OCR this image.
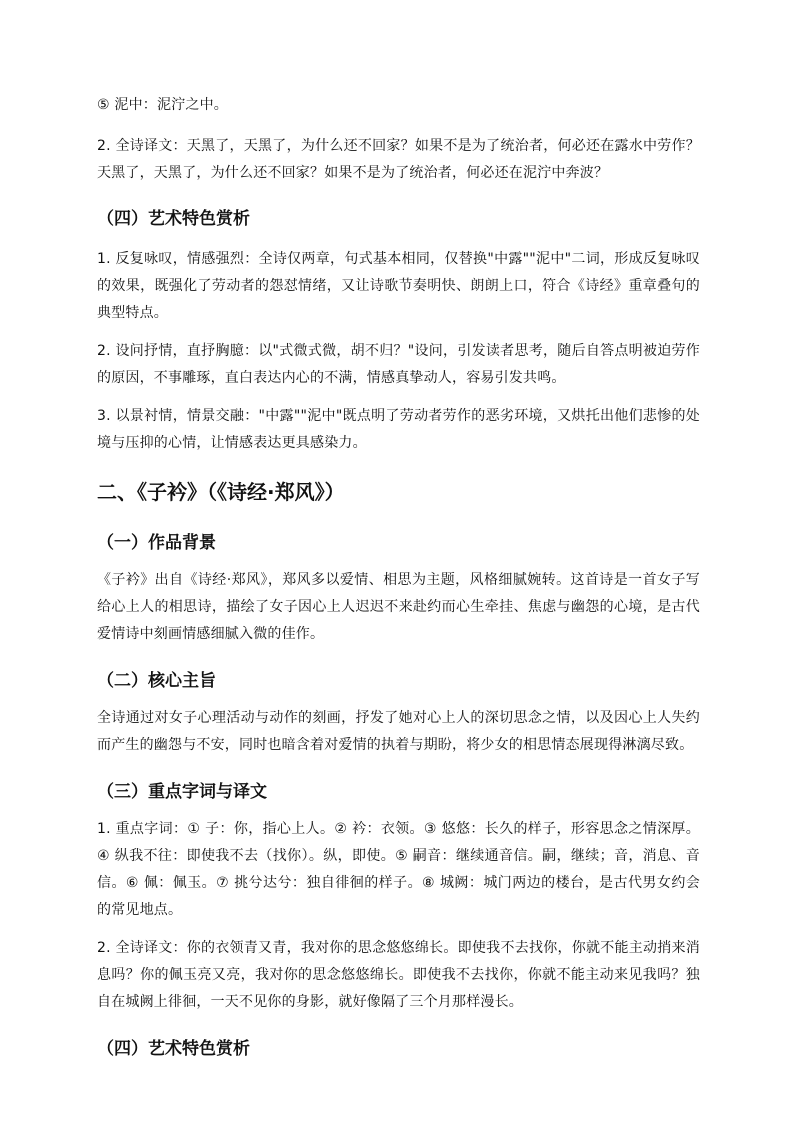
⑤ 泥中：泥泞之中。

2. 全诗译文：天黑了，天黑了，为什么还不回家？如果不是为了统治者，何必还在露水中劳作？天黑了，天黑了，为什么还不回家？如果不是为了统治者，何必还在泥泞中奔波？

（四）艺术特色赏析

1. 反复咏叹，情感强烈：全诗仅两章，句式基本相同，仅替换"中露""泥中"二词，形成反复咏叹的效果，既强化了劳动者的怨怼情绪，又让诗歌节奏明快、朗朗上口，符合《诗经》重章叠句的典型特点。

2. 设问抒情，直抒胸臆：以"式微式微，胡不归？"设问，引发读者思考，随后自答点明被迫劳作的原因，不事雕琢，直白表达内心的不满，情感真挚动人，容易引发共鸣。

3. 以景衬情，情景交融："中露""泥中"既点明了劳动者劳作的恶劣环境，又烘托出他们悲惨的处境与压抑的心情，让情感表达更具感染力。

二、《子衿》（《诗经·郑风》）
（一）作品背景

《子衿》出自《诗经·郑风》，郑风多以爱情、相思为主题，风格细腻婉转。这首诗是一首女子写给心上人的相思诗，描绘了女子因心上人迟迟不来赴约而心生牵挂、焦虑与幽怨的心境，是古代爱情诗中刻画情感细腻入微的佳作。

（二）核心主旨

全诗通过对女子心理活动与动作的刻画，抒发了她对心上人的深切思念之情，以及因心上人失约而产生的幽怨与不安，同时也暗含着对爱情的执着与期盼，将少女的相思情态展现得淋漓尽致。

（三）重点字词与译文

1. 重点字词：① 子：你，指心上人。② 衿：衣领。③ 悠悠：长久的样子，形容思念之情深厚。④ 纵我不往：即使我不去（找你）。纵，即使。⑤ 嗣音：继续通音信。嗣，继续；音，消息、音信。⑥ 佩：佩玉。⑦ 挑兮达兮：独自徘徊的样子。⑧ 城阙：城门两边的楼台，是古代男女约会的常见地点。

2. 全诗译文：你的衣领青又青，我对你的思念悠悠绵长。即使我不去找你，你就不能主动捎来消息吗？你的佩玉亮又亮，我对你的思念悠悠绵长。即使我不去找你，你就不能主动来见我吗？独自在城阙上徘徊，一天不见你的身影，就好像隔了三个月那样漫长。

（四）艺术特色赏析
